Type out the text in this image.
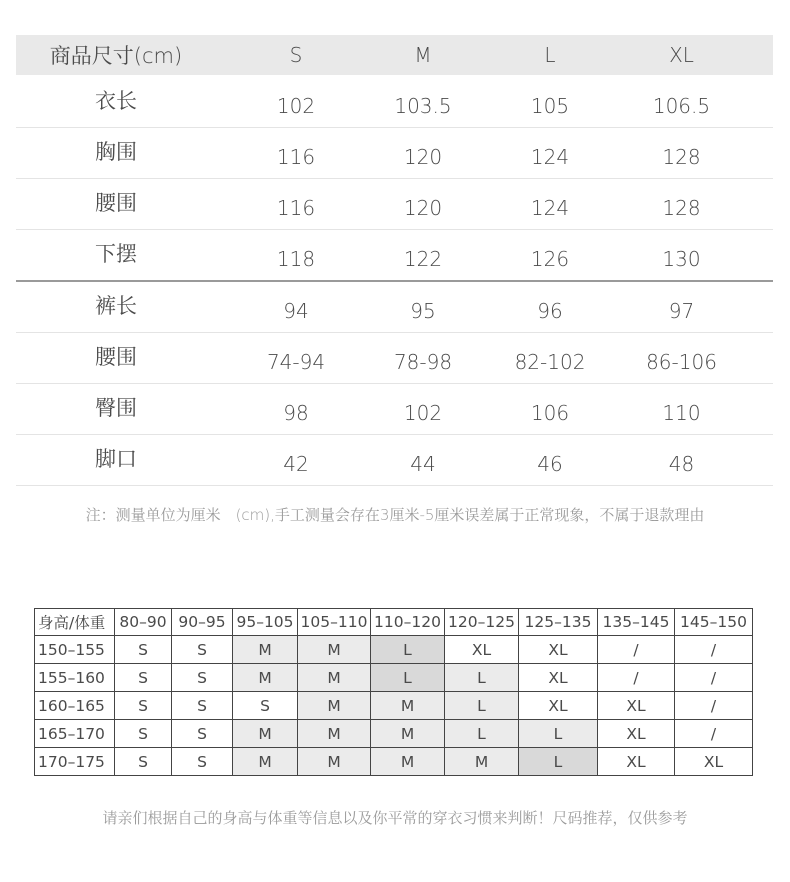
商品尺寸(cm)	S	M	L	XL
衣长	102	103.5	105	106.5
胸围	116	120	124	128
腰围	116	120	124	128
下摆	118	122	126	130
裤长	94	95	96	97
腰围	74-94	78-98	82-102	86-106
臀围	98	102	106	110
脚口	42	44	46	48
注：测量单位为厘米　(cm),手工测量会存在3厘米-5厘米误差属于正常现象，不属于退款理由
身高/体重	80–90	90–95	95–105	105–110	110–120	120–125	125–135	135–145	145–150
150–155	S	S	M	M	L	XL	XL	/	/
155–160	S	S	M	M	L	L	XL	/	/
160–165	S	S	S	M	M	L	XL	XL	/
165–170	S	S	M	M	M	L	L	XL	/
170–175	S	S	M	M	M	M	L	XL	XL
请亲们根据自己的身高与体重等信息以及你平常的穿衣习惯来判断！尺码推荐，仅供参考
